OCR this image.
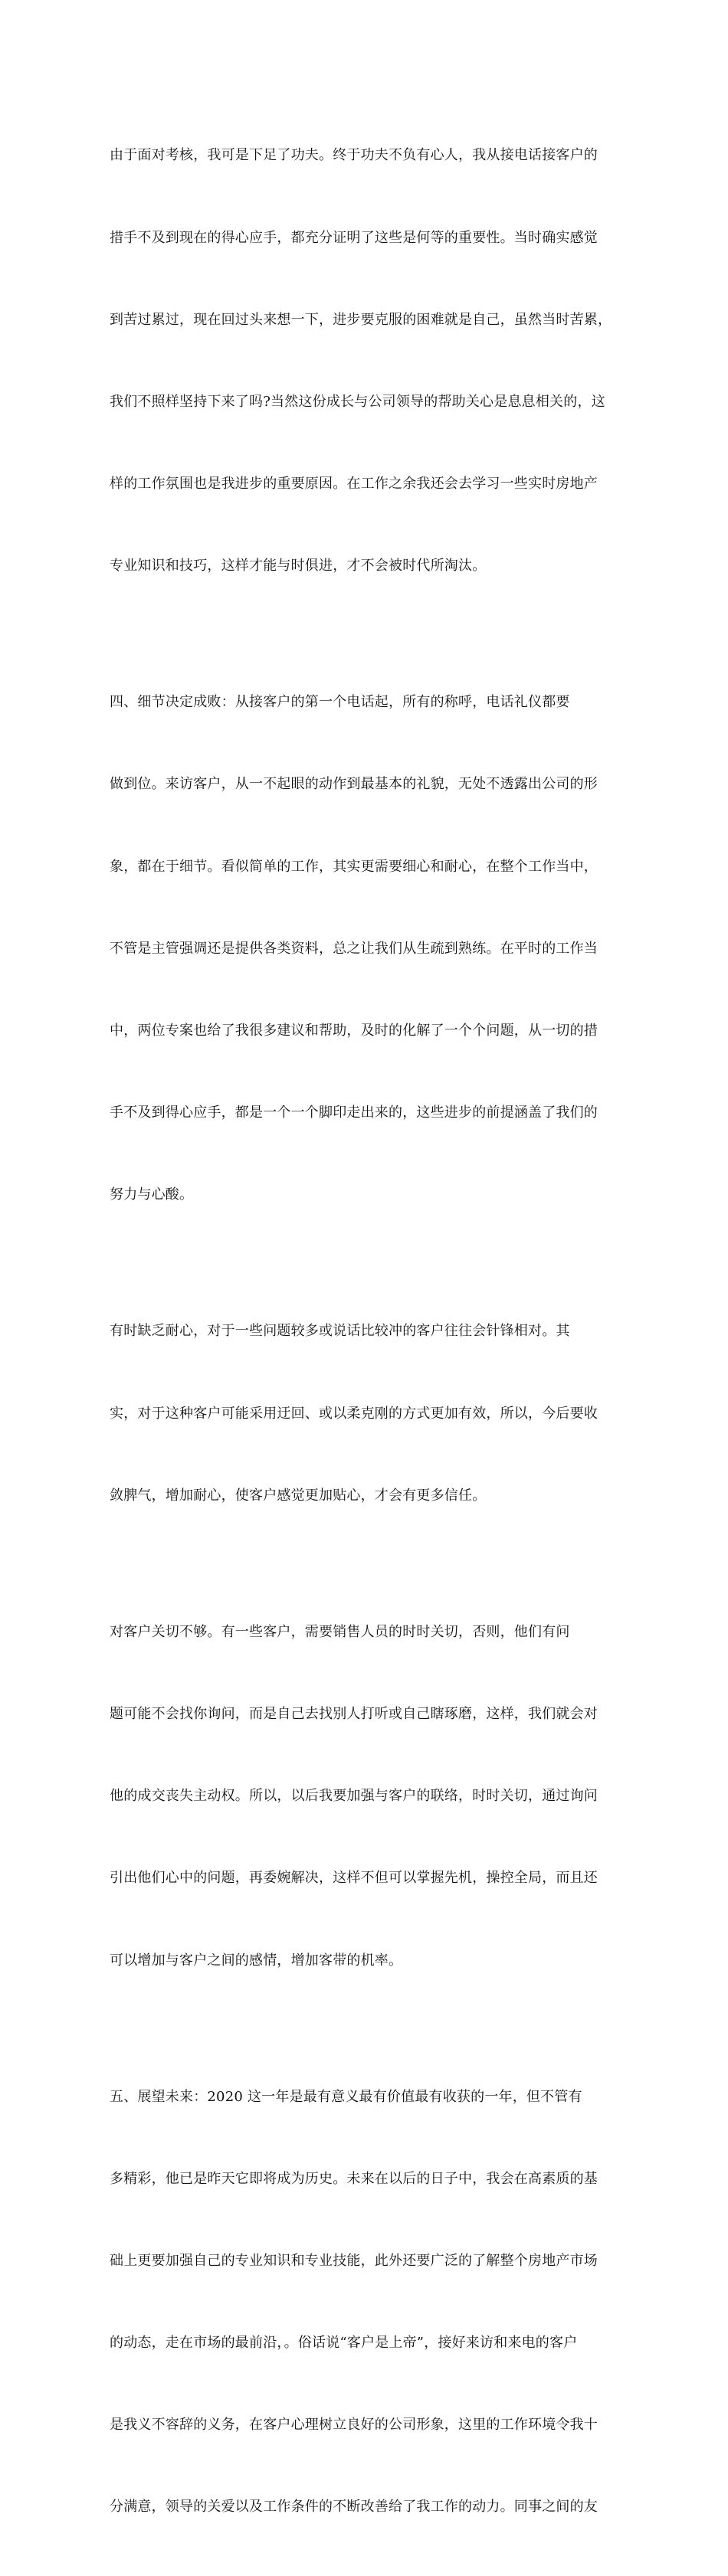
由于面对考核，我可是下足了功夫。终于功夫不负有心人，我从接电话接客户的

措手不及到现在的得心应手，都充分证明了这些是何等的重要性。当时确实感觉

到苦过累过，现在回过头来想一下，进步要克服的困难就是自己，虽然当时苦累，

我们不照样坚持下来了吗?当然这份成长与公司领导的帮助关心是息息相关的，这

样的工作氛围也是我进步的重要原因。在工作之余我还会去学习一些实时房地产

专业知识和技巧，这样才能与时俱进，才不会被时代所淘汰。

四、细节决定成败：从接客户的第一个电话起，所有的称呼，电话礼仪都要

做到位。来访客户，从一不起眼的动作到最基本的礼貌，无处不透露出公司的形

象，都在于细节。看似简单的工作，其实更需要细心和耐心，在整个工作当中，

不管是主管强调还是提供各类资料，总之让我们从生疏到熟练。在平时的工作当

中，两位专案也给了我很多建议和帮助，及时的化解了一个个问题，从一切的措

手不及到得心应手，都是一个一个脚印走出来的，这些进步的前提涵盖了我们的

努力与心酸。

有时缺乏耐心，对于一些问题较多或说话比较冲的客户往往会针锋相对。其

实，对于这种客户可能采用迂回、或以柔克刚的方式更加有效，所以，今后要收

敛脾气，增加耐心，使客户感觉更加贴心，才会有更多信任。

对客户关切不够。有一些客户，需要销售人员的时时关切，否则，他们有问

题可能不会找你询问，而是自己去找别人打听或自己瞎琢磨，这样，我们就会对

他的成交丧失主动权。所以，以后我要加强与客户的联络，时时关切，通过询问

引出他们心中的问题，再委婉解决，这样不但可以掌握先机，操控全局，而且还

可以增加与客户之间的感情，增加客带的机率。

五、展望未来：2020 这一年是最有意义最有价值最有收获的一年，但不管有

多精彩，他已是昨天它即将成为历史。未来在以后的日子中，我会在高素质的基

础上更要加强自己的专业知识和专业技能，此外还要广泛的了解整个房地产市场

的动态，走在市场的最前沿，。俗话说“客户是上帝”，接好来访和来电的客户

是我义不容辞的义务，在客户心理树立良好的公司形象，这里的工作环境令我十

分满意，领导的关爱以及工作条件的不断改善给了我工作的动力。同事之间的友
